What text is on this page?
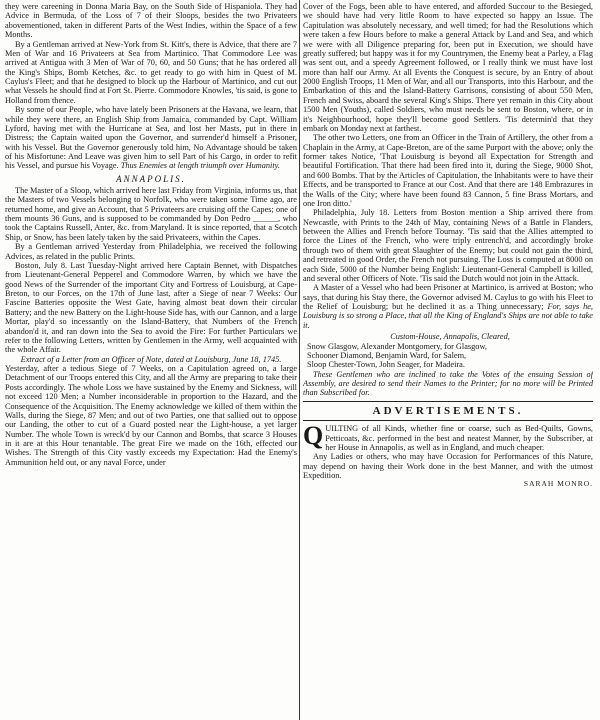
they were careening in Donna Maria Bay, on the South Side of Hispaniola. They had Advice in Bermuda, of the Loss of 7 of their Sloops, besides the two Privateers abovementioned, taken in different Parts of the West Indies, within the Space of a few Months.

By a Gentleman arrived at New-York from St. Kitt's, there is Advice, that there are 7 Men of War and 16 Privateers at Sea from Martinico. That Commodore Lee was arrived at Antigua with 3 Men of War of 70, 60, and 50 Guns; that he has ordered all the King's Ships, Bomb Ketches, &c. to get ready to go with him in Quest of M. Caylus's Fleet; and that he designed to block up the Harbour of Martinico, and cut out what Vessels he should find at Fort St. Pierre. Commodore Knowles, 'tis said, is gone to Holland from thence.

By some of our People, who have lately been Prisoners at the Havana, we learn, that while they were there, an English Ship from Jamaica, commanded by Capt. William Lyford, having met with the Hurricane at Sea, and lost her Masts, put in there in Distress; the Captain waited upon the Governor, and surrender'd himself a Prisoner, with his Vessel. But the Governor generously told him, No Advantage should be taken of his Misfortune: And Leave was given him to sell Part of his Cargo, in order to refit his Vessel, and pursue his Voyage. Thus Enemies at length triumph over Humanity.

ANNAPOLIS.

The Master of a Sloop, which arrived here last Friday from Virginia, informs us, that the Masters of two Vessels belonging to Norfolk, who were taken some Time ago, are returned home, and give an Account, that 5 Privateers are cruising off the Capes; one of them mounts 36 Guns, and is supposed to be commanded by Don Pedro ______, who took the Captains Russell, Anter, &c. from Maryland. It is since reported, that a Scotch Ship, or Snow, has been lately taken by the said Privateers, within the Capes.

By a Gentleman arrived Yesterday from Philadelphia, we received the following Advices, as related in the public Prints.

Boston, July 8. Last Tuesday-Night arrived here Captain Bennet, with Dispatches from Lieutenant-General Pepperel and Commodore Warren, by which we have the good News of the Surrender of the important City and Fortress of Louisburg, at Cape-Breton, to our Forces, on the 17th of June last, after a Siege of near 7 Weeks: Our Fascine Batteries opposite the West Gate, having almost beat down their circular Battery; and the new Battery on the Light-house Side has, with our Cannon, and a large Mortar, play'd so incessantly on the Island-Battery, that Numbers of the French abandon'd it, and ran down into the Sea to avoid the Fire: For further Particulars we refer to the following Letters, written by Gentlemen in the Army, well acquainted with the whole Affair.

Extract of a Letter from an Officer of Note, dated at Louisburg, June 18, 1745.

Yesterday, after a tedious Siege of 7 Weeks, on a Capitulation agreed on, a large Detachment of our Troops entered this City, and all the Army are preparing to take their Posts accordingly. The whole Loss we have sustained by the Enemy and Sickness, will not exceed 120 Men; a Number inconsiderable in proportion to the Hazard, and the Consequence of the Acquisition. The Enemy acknowledge we killed of them within the Walls, during the Siege, 87 Men; and out of two Parties, one that sallied out to oppose our Landing, the other to cut of a Guard posted near the Light-house, a yet larger Number. The whole Town is wreck'd by our Cannon and Bombs, that scarce 3 Houses in it are at this Hour tenantable. The great Fire we made on the 16th, effected our Wishes. The Strength of this City vastly exceeds my Expectation: Had the Enemy's Ammunition held out, or any naval Force, under

Cover of the Fogs, been able to have entered, and afforded Succour to the Besieged, we should have had very little Room to have expected so happy an Issue. The Capitulation was absolutely necessary, and well timed; for had the Resolutions which were taken a few Hours before to make a general Attack by Land and Sea, and which we were with all Diligence preparing for, been put in Execution, we should have greatly suffered; but happy was it for my Countrymen, the Enemy beat a Parley, a Flag was sent out, and a speedy Agreement followed, or I really think we must have lost more than half our Army. At all Events the Conquest is secure, by an Entry of about 2000 English Troops, 11 Men of War, and all our Transports, into this Harbour, and the Embarkation of this and the Island-Battery Garrisons, consisting of about 550 Men, French and Swiss, aboard the several King's Ships. There yet remain in this City about 1500 Men (Youths), called Soldiers, who must needs be sent to Boston, where, or in it's Neighbourhood, hope they'll become good Settlers. 'Tis determin'd that they embark on Monday next at farthest.

The other two Letters, one from an Officer in the Train of Artillery, the other from a Chaplain in the Army, at Cape-Breton, are of the same Purport with the above; only the former takes Notice, 'That Louisburg is beyond all Expectation for Strength and beautiful Fortification. That there had been fired into it, during the Siege, 9000 Shot, and 600 Bombs. That by the Articles of Capitulation, the Inhabitants were to have their Effects, and be transported to France at our Cost. And that there are 148 Embrazures in the Walls of the City; where have been found 83 Cannon, 5 fine Brass Mortars, and one Iron ditto.'

Philadelphia, July 18. Letters from Boston mention a Ship arrived there from Newcastle, with Prints to the 24th of May, containing News of a Battle in Flanders, between the Allies and French before Tournay. 'Tis said that the Allies attempted to force the Lines of the French, who were triply entrench'd, and accordingly broke through two of them with great Slaughter of the Enemy; but could not gain the third, and retreated in good Order, the French not pursuing. The Loss is computed at 8000 on each Side, 5000 of the Number being English: Lieutenant-General Campbell is killed, and several other Officers of Note. 'Tis said the Dutch would not join in the Attack.

A Master of a Vessel who had been Prisoner at Martinico, is arrived at Boston; who says, that during his Stay there, the Governor advised M. Caylus to go with his Fleet to the Relief of Louisburg; but he declined it as a Thing unnecessary; For, says he, Louisburg is so strong a Place, that all the King of England's Ships are not able to take it.

Custom-House, Annapolis, Cleared,
Snow Glasgow, Alexander Montgomery, for Glasgow,
Schooner Diamond, Benjamin Ward, for Salem,
Sloop Chester-Town, John Seager, for Madeira.

These Gentlemen who are inclined to take the Votes of the ensuing Session of Assembly, are desired to send their Names to the Printer; for no more will be Printed than Subscribed for.

ADVERTISEMENTS.

QUILTING of all Kinds, whether fine or coarse, such as Bed-Quilts, Gowns, Petticoats, &c. performed in the best and neatest Manner, by the Subscriber, at her House in Annapolis, as well as in England, and much cheaper.

Any Ladies or others, who may have Occasion for Performances of this Nature, may depend on having their Work done in the best Manner, and with the utmost Expedition.

SARAH MONRO.
